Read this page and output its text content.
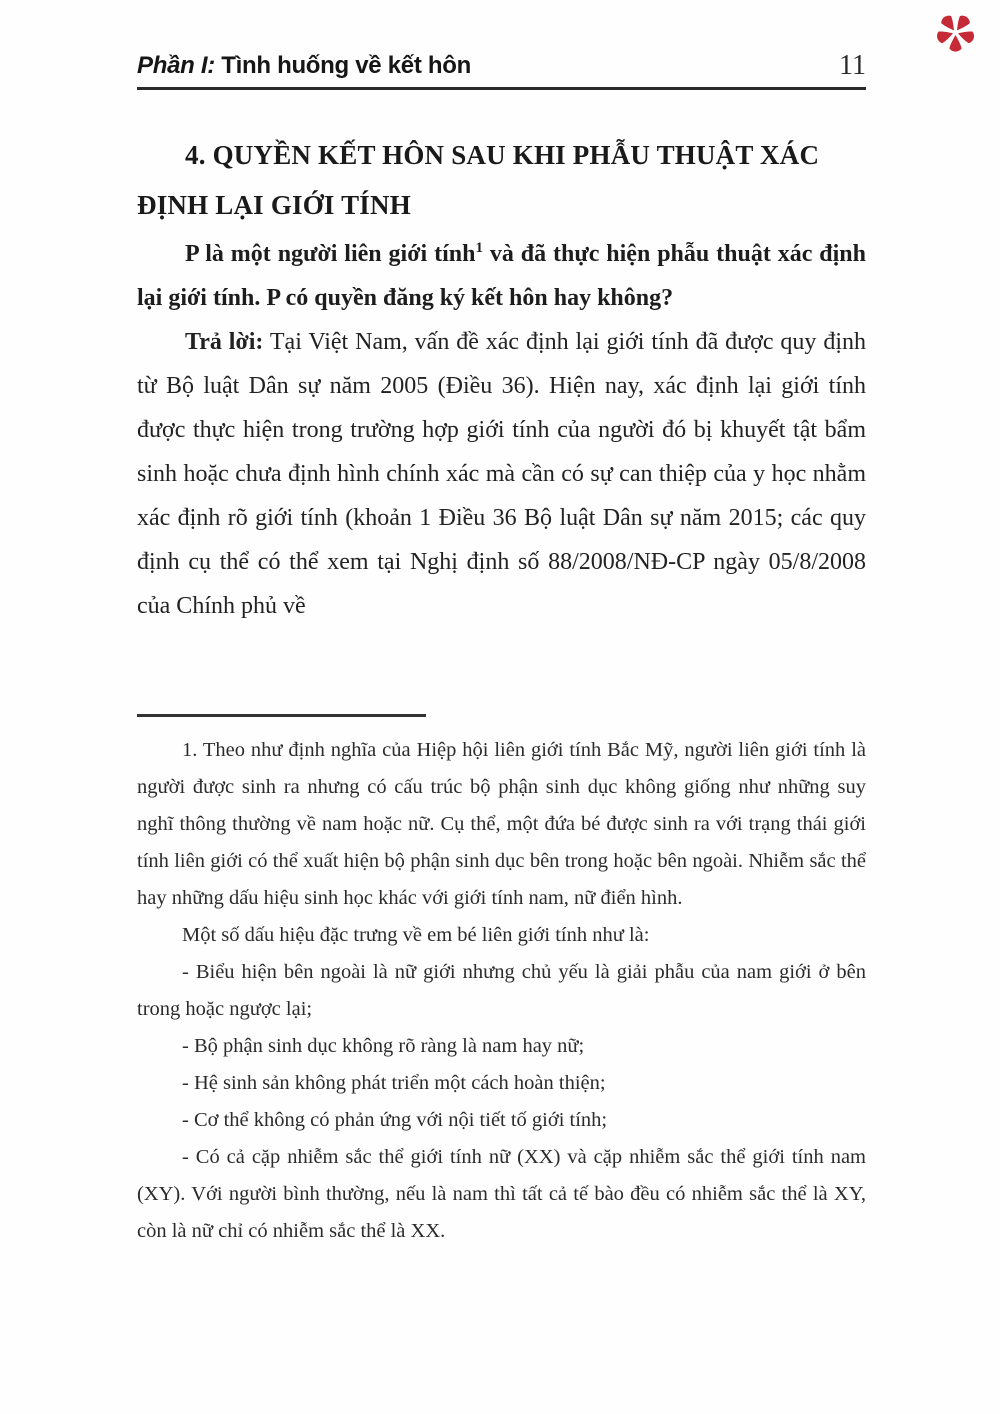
Phần I: Tình huống về kết hôn	11
4. QUYỀN KẾT HÔN SAU KHI PHẪU THUẬT XÁC ĐỊNH LẠI GIỚI TÍNH

P là một người liên giới tính$^1$ và đã thực hiện phẫu thuật xác định lại giới tính. P có quyền đăng ký kết hôn hay không?

Trả lời: Tại Việt Nam, vấn đề xác định lại giới tính đã được quy định từ Bộ luật Dân sự năm 2005 (Điều 36). Hiện nay, xác định lại giới tính được thực hiện trong trường hợp giới tính của người đó bị khuyết tật bẩm sinh hoặc chưa định hình chính xác mà cần có sự can thiệp của y học nhằm xác định rõ giới tính (khoản 1 Điều 36 Bộ luật Dân sự năm 2015; các quy định cụ thể có thể xem tại Nghị định số 88/2008/NĐ-CP ngày 05/8/2008 của Chính phủ về

1. Theo như định nghĩa của Hiệp hội liên giới tính Bắc Mỹ, người liên giới tính là người được sinh ra nhưng có cấu trúc bộ phận sinh dục không giống như những suy nghĩ thông thường về nam hoặc nữ. Cụ thể, một đứa bé được sinh ra với trạng thái giới tính liên giới có thể xuất hiện bộ phận sinh dục bên trong hoặc bên ngoài. Nhiễm sắc thể hay những dấu hiệu sinh học khác với giới tính nam, nữ điển hình.

Một số dấu hiệu đặc trưng về em bé liên giới tính như là:

- Biểu hiện bên ngoài là nữ giới nhưng chủ yếu là giải phẫu của nam giới ở bên trong hoặc ngược lại;

- Bộ phận sinh dục không rõ ràng là nam hay nữ;

- Hệ sinh sản không phát triển một cách hoàn thiện;

- Cơ thể không có phản ứng với nội tiết tố giới tính;

- Có cả cặp nhiễm sắc thể giới tính nữ (XX) và cặp nhiễm sắc thể giới tính nam (XY). Với người bình thường, nếu là nam thì tất cả tế bào đều có nhiễm sắc thể là XY, còn là nữ chỉ có nhiễm sắc thể là XX.
